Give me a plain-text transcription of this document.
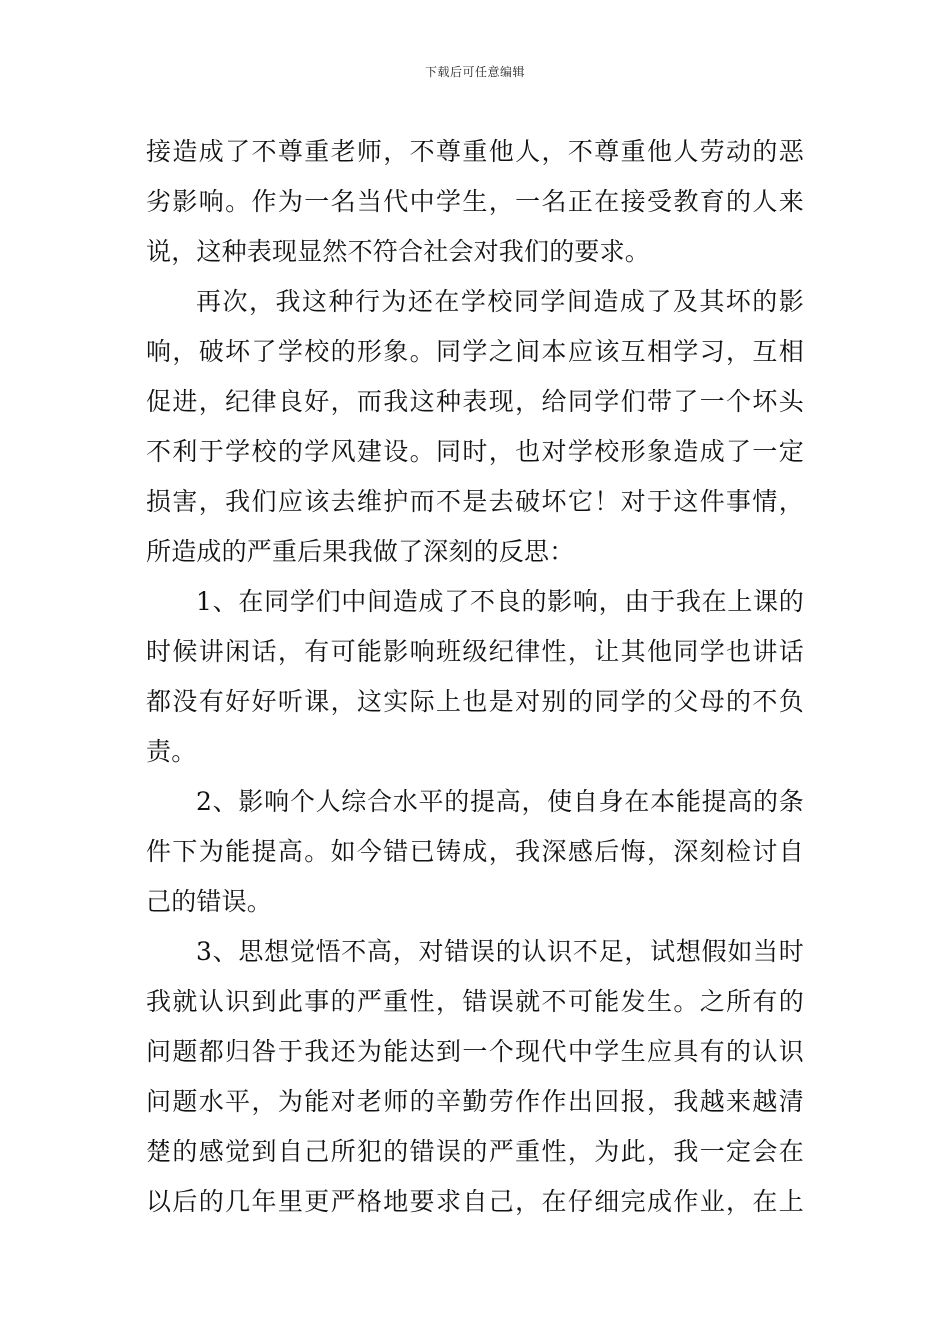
下载后可任意编辑
接造成了不尊重老师，不尊重他人，不尊重他人劳动的恶
劣影响。作为一名当代中学生，一名正在接受教育的人来
说，这种表现显然不符合社会对我们的要求。
再次，我这种行为还在学校同学间造成了及其坏的影
响，破坏了学校的形象。同学之间本应该互相学习，互相
促进，纪律良好，而我这种表现，给同学们带了一个坏头
不利于学校的学风建设。同时，也对学校形象造成了一定
损害，我们应该去维护而不是去破坏它！对于这件事情，
所造成的严重后果我做了深刻的反思：
1、在同学们中间造成了不良的影响，由于我在上课的
时候讲闲话，有可能影响班级纪律性，让其他同学也讲话
都没有好好听课，这实际上也是对别的同学的父母的不负
责。
2、影响个人综合水平的提高，使自身在本能提高的条
件下为能提高。如今错已铸成，我深感后悔，深刻检讨自
己的错误。
3、思想觉悟不高，对错误的认识不足，试想假如当时
我就认识到此事的严重性，错误就不可能发生。之所有的
问题都归咎于我还为能达到一个现代中学生应具有的认识
问题水平，为能对老师的辛勤劳作作出回报，我越来越清
楚的感觉到自己所犯的错误的严重性，为此，我一定会在
以后的几年里更严格地要求自己，在仔细完成作业，在上
